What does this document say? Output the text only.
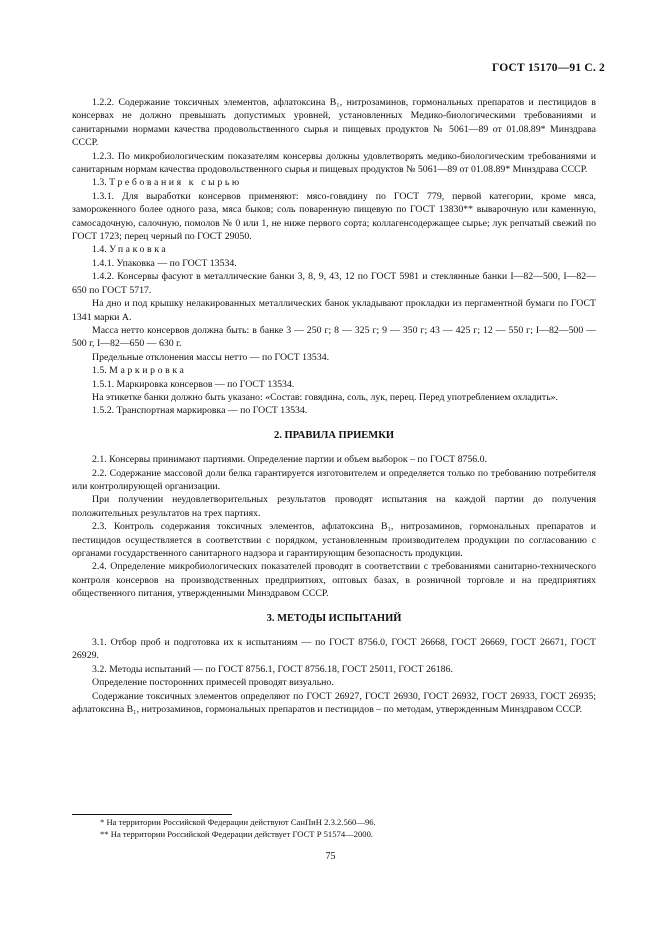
ГОСТ 15170—91 С. 2

1.2.2. Содержание токсичных элементов, афлатоксина B₁, нитрозаминов, гормональных препаратов и пестицидов в консервах не должно превышать допустимых уровней, установленных Медико-биологическими требованиями и санитарными нормами качества продовольственного сырья и пищевых продуктов № 5061—89 от 01.08.89* Минздрава СССР.

1.2.3. По микробиологическим показателям консервы должны удовлетворять медико-биологическим требованиями и санитарным нормам качества продовольственного сырья и пищевых продуктов № 5061—89 от 01.08.89* Минздрава СССР.

1.3. Требования к сырью

1.3.1. Для выработки консервов применяют: мясо-говядину по ГОСТ 779, первой категории, кроме мяса, замороженного более одного раза, мяса быков; соль поваренную пищевую по ГОСТ 13830** выварочную или каменную, самосадочную, салочную, помолов № 0 или 1, не ниже первого сорта; коллагенсодержащее сырье; лук репчатый свежий по ГОСТ 1723; перец черный по ГОСТ 29050.

1.4. Упаковка

1.4.1. Упаковка — по ГОСТ 13534.

1.4.2. Консервы фасуют в металлические банки 3, 8, 9, 43, 12 по ГОСТ 5981 и стеклянные банки I—82—500, I—82—650 по ГОСТ 5717.

На дно и под крышку нелакированных металлических банок укладывают прокладки из пергаментной бумаги по ГОСТ 1341 марки А.

Масса нетто консервов должна быть: в банке 3 — 250 г; 8 — 325 г; 9 — 350 г; 43 — 425 г; 12 — 550 г; I—82—500 — 500 г, I—82—650 — 630 г.

Предельные отклонения массы нетто — по ГОСТ 13534.

1.5. Маркировка

1.5.1. Маркировка консервов — по ГОСТ 13534.

На этикетке банки должно быть указано: «Состав: говядина, соль, лук, перец. Перед употреблением охладить».

1.5.2. Транспортная маркировка — по ГОСТ 13534.

2. ПРАВИЛА ПРИЕМКИ

2.1. Консервы принимают партиями. Определение партии и объем выборок – по ГОСТ 8756.0.

2.2. Содержание массовой доли белка гарантируется изготовителем и определяется только по требованию потребителя или контролирующей организации.

При получении неудовлетворительных результатов проводят испытания на каждой партии до получения положительных результатов на трех партиях.

2.3. Контроль содержания токсичных элементов, афлатоксина B₁, нитрозаминов, гормональных препаратов и пестицидов осуществляется в соответствии с порядком, установленным производителем продукции по согласованию с органами государственного санитарного надзора и гарантирующим безопасность продукции.

2.4. Определение микробиологических показателей проводят в соответствии с требованиями санитарно-технического контроля консервов на производственных предприятиях, оптовых базах, в розничной торговле и на предприятиях общественного питания, утвержденными Минздравом СССР.

3. МЕТОДЫ ИСПЫТАНИЙ

3.1. Отбор проб и подготовка их к испытаниям — по ГОСТ 8756.0, ГОСТ 26668, ГОСТ 26669, ГОСТ 26671, ГОСТ 26929.

3.2. Методы испытаний — по ГОСТ 8756.1, ГОСТ 8756.18, ГОСТ 25011, ГОСТ 26186.

Определение посторонних примесей проводят визуально.

Содержание токсичных элементов определяют по ГОСТ 26927, ГОСТ 26930, ГОСТ 26932, ГОСТ 26933, ГОСТ 26935; афлатоксина B₁, нитрозаминов, гормональных препаратов и пестицидов – по методам, утвержденным Минздравом СССР.

* На территории Российской Федерации действуют СанПиН 2.3.2.560—96.

** На территории Российской Федерации действует ГОСТ Р 51574—2000.

75
